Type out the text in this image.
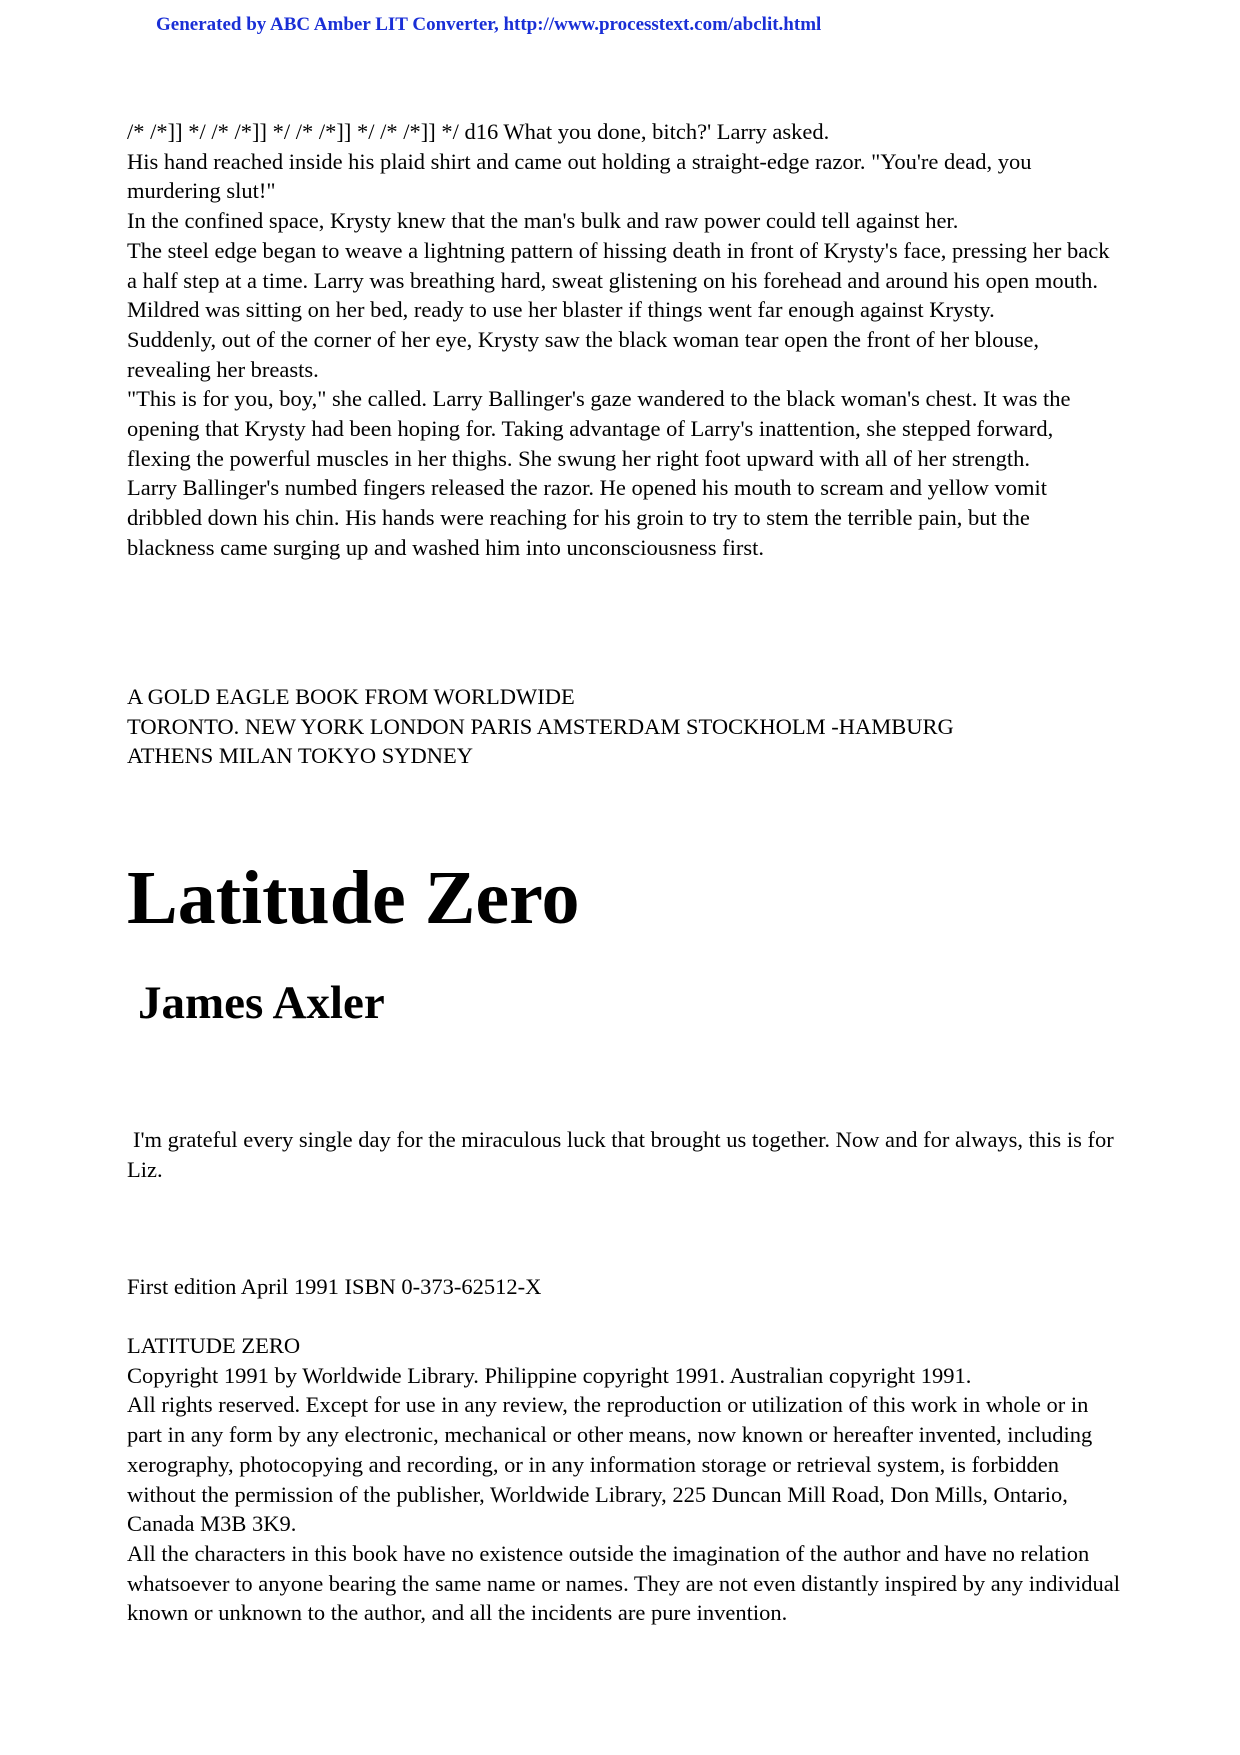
Generated by ABC Amber LIT Converter, http://www.processtext.com/abclit.html

/* /*]] */ /* /*]] */ /* /*]] */ /* /*]] */ d16 What you done, bitch?' Larry asked.

His hand reached inside his plaid shirt and came out holding a straight-edge razor. "You're dead, you murdering slut!"

In the confined space, Krysty knew that the man's bulk and raw power could tell against her.

The steel edge began to weave a lightning pattern of hissing death in front of Krysty's face, pressing her back a half step at a time. Larry was breathing hard, sweat glistening on his forehead and around his open mouth.

Mildred was sitting on her bed, ready to use her blaster if things went far enough against Krysty.

Suddenly, out of the corner of her eye, Krysty saw the black woman tear open the front of her blouse, revealing her breasts.

"This is for you, boy," she called. Larry Ballinger's gaze wandered to the black woman's chest. It was the opening that Krysty had been hoping for. Taking advantage of Larry's inattention, she stepped forward, flexing the powerful muscles in her thighs. She swung her right foot upward with all of her strength.

Larry Ballinger's numbed fingers released the razor. He opened his mouth to scream and yellow vomit dribbled down his chin. His hands were reaching for his groin to try to stem the terrible pain, but the blackness came surging up and washed him into unconsciousness first.

A GOLD EAGLE BOOK FROM WORLDWIDE

TORONTO. NEW YORK LONDON PARIS AMSTERDAM STOCKHOLM -HAMBURG

ATHENS MILAN TOKYO SYDNEY

Latitude Zero
James Axler
I'm grateful every single day for the miraculous luck that brought us together. Now and for always, this is for Liz.
First edition April 1991 ISBN 0-373-62512-X

LATITUDE ZERO

Copyright 1991 by Worldwide Library. Philippine copyright 1991. Australian copyright 1991.

All rights reserved. Except for use in any review, the reproduction or utilization of this work in whole or in part in any form by any electronic, mechanical or other means, now known or hereafter invented, including xerography, photocopying and recording, or in any information storage or retrieval system, is forbidden without the permission of the publisher, Worldwide Library, 225 Duncan Mill Road, Don Mills, Ontario, Canada M3B 3K9.

All the characters in this book have no existence outside the imagination of the author and have no relation whatsoever to anyone bearing the same name or names. They are not even distantly inspired by any individual known or unknown to the author, and all the incidents are pure invention.
